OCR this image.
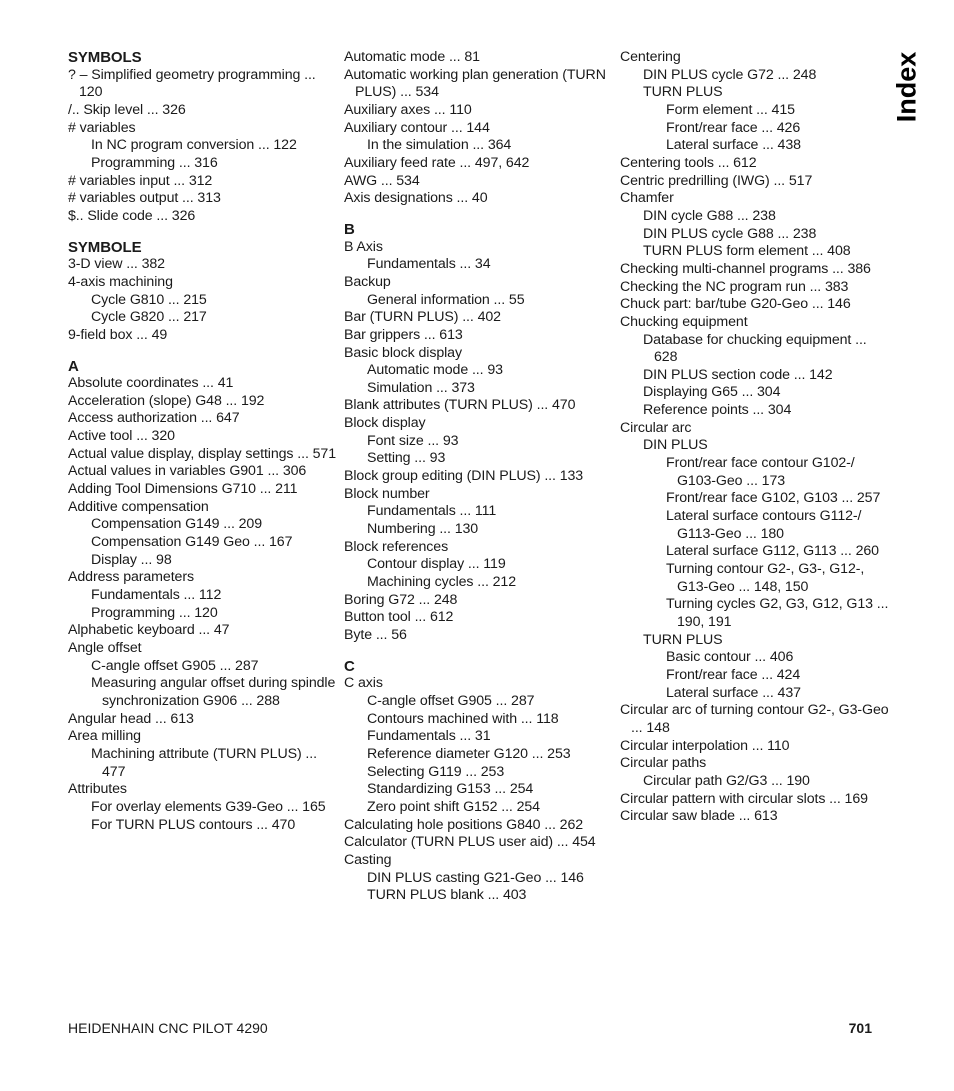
SYMBOLS
? – Simplified geometry programming ... 120
/.. Skip level ... 326
# variables
In NC program conversion ... 122
Programming ... 316
# variables input ... 312
# variables output ... 313
$.. Slide code ... 326
SYMBOLE
3-D view ... 382
4-axis machining
Cycle G810 ... 215
Cycle G820 ... 217
9-field box ... 49
A
Absolute coordinates ... 41
Acceleration (slope) G48 ... 192
Access authorization ... 647
Active tool ... 320
Actual value display, display settings ... 571
Actual values in variables G901 ... 306
Adding Tool Dimensions G710 ... 211
Additive compensation
Compensation G149 ... 209
Compensation G149 Geo ... 167
Display ... 98
Address parameters
Fundamentals ... 112
Programming ... 120
Alphabetic keyboard ... 47
Angle offset
C-angle offset G905 ... 287
Measuring angular offset during spindle synchronization G906 ... 288
Angular head ... 613
Area milling
Machining attribute (TURN PLUS) ... 477
Attributes
For overlay elements G39-Geo ... 165
For TURN PLUS contours ... 470
Automatic mode ... 81
Automatic working plan generation (TURN PLUS) ... 534
Auxiliary axes ... 110
Auxiliary contour ... 144
In the simulation ... 364
Auxiliary feed rate ... 497, 642
AWG ... 534
Axis designations ... 40
B
B Axis
Fundamentals ... 34
Backup
General information ... 55
Bar (TURN PLUS) ... 402
Bar grippers ... 613
Basic block display
Automatic mode ... 93
Simulation ... 373
Blank attributes (TURN PLUS) ... 470
Block display
Font size ... 93
Setting ... 93
Block group editing (DIN PLUS) ... 133
Block number
Fundamentals ... 111
Numbering ... 130
Block references
Contour display ... 119
Machining cycles ... 212
Boring G72 ... 248
Button tool ... 612
Byte ... 56
C
C axis
C-angle offset G905 ... 287
Contours machined with ... 118
Fundamentals ... 31
Reference diameter G120 ... 253
Selecting G119 ... 253
Standardizing G153 ... 254
Zero point shift G152 ... 254
Calculating hole positions G840 ... 262
Calculator (TURN PLUS user aid) ... 454
Casting
DIN PLUS casting G21-Geo ... 146
TURN PLUS blank ... 403
Centering
DIN PLUS cycle G72 ... 248
TURN PLUS
Form element ... 415
Front/rear face ... 426
Lateral surface ... 438
Centering tools ... 612
Centric predrilling (IWG) ... 517
Chamfer
DIN cycle G88 ... 238
DIN PLUS cycle G88 ... 238
TURN PLUS form element ... 408
Checking multi-channel programs ... 386
Checking the NC program run ... 383
Chuck part: bar/tube G20-Geo ... 146
Chucking equipment
Database for chucking equipment ... 628
DIN PLUS section code ... 142
Displaying G65 ... 304
Reference points ... 304
Circular arc
DIN PLUS
Front/rear face contour G102-/ G103-Geo ... 173
Front/rear face G102, G103 ... 257
Lateral surface contours G112-/ G113-Geo ... 180
Lateral surface G112, G113 ... 260
Turning contour G2-, G3-, G12-, G13-Geo ... 148, 150
Turning cycles G2, G3, G12, G13 ... 190, 191
TURN PLUS
Basic contour ... 406
Front/rear face ... 424
Lateral surface ... 437
Circular arc of turning contour G2-, G3-Geo ... 148
Circular interpolation ... 110
Circular paths
Circular path G2/G3 ... 190
Circular pattern with circular slots ... 169
Circular saw blade ... 613
Index
HEIDENHAIN CNC PILOT 4290	701
